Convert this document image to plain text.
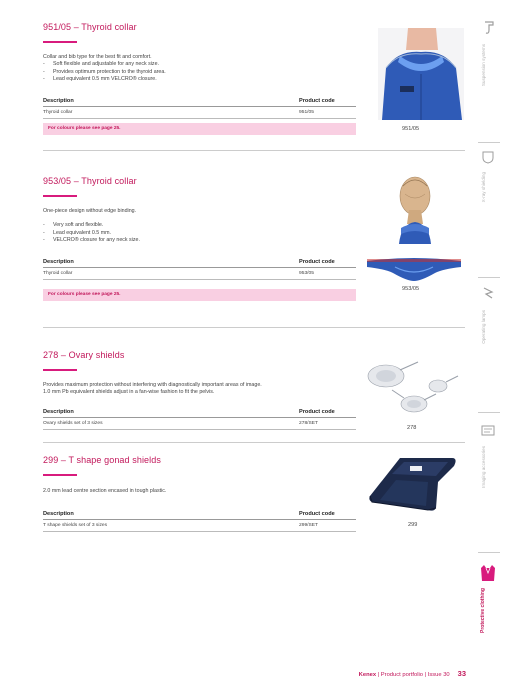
951/05 – Thyroid collar
Collar and bib type for the best fit and comfort.
- Soft flexible and adjustable for any neck size.
- Provides optimum protection to the thyroid area.
- Lead equivalent 0.5 mm VELCRO® closure.
Description	Product code
Thyroid collar	951/05
For colours please see page 25.	951/05
953/05 – Thyroid collar
One-piece design without edge binding.
- Very soft and flexible.
- Lead equivalent 0.5 mm.
- VELCRO® closure for any neck size.
Description	Product code
Thyroid collar	953/05
For colours please see page 25.
953/05
278 – Ovary shields
Provides maximum protection without interfering with diagnostically important areas of image.
1.0 mm Pb equivalent shields adjust in a fan-wise fashion to fit the pelvis.
Description	Product code
Ovary shields set of 3 sizes	278/SET
278
299 – T shape gonad shields
2.0 mm lead centre section encased in tough plastic.
Description	Product code
T shape shields set of 3 sizes	299/SET	299
Suspension systems
X-ray shielding
Operating lamps
Imaging accessories
Protective clothing
Kenex | Product portfolio | Issue 30 33
